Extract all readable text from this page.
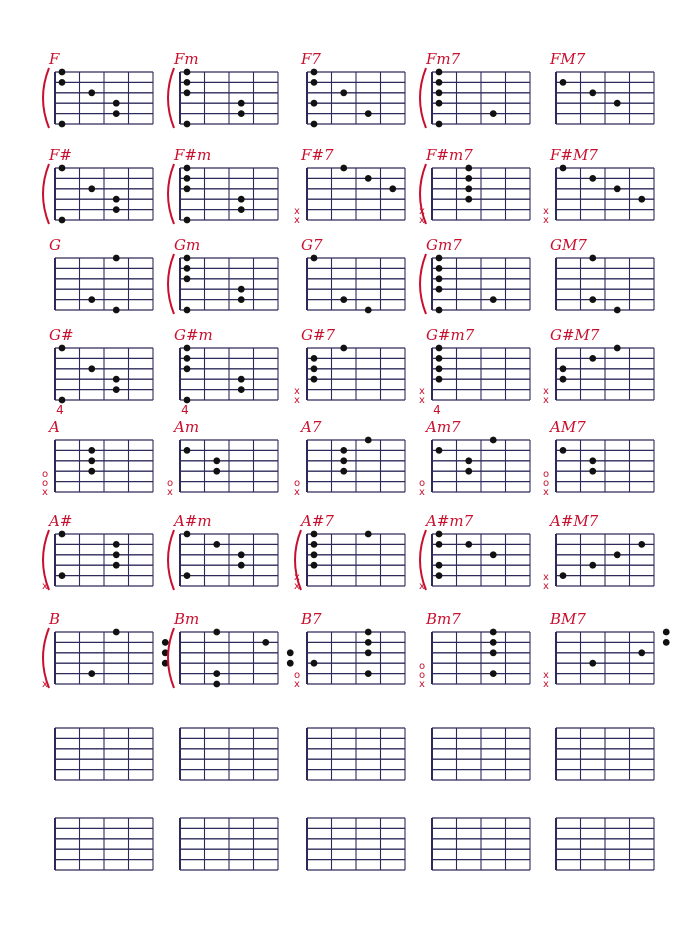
x
x
x
x
x
x
4	4
x
x
x
x
4
x
x
o
o
x
o
x
o
x
o
x
o
o
x
x
x
x	x
x
x
x
o
x
o
o
x
x
x
F	Fm	F7	Fm7	FM7
F#	F#m	F#7	F#m7	F#M7
G	Gm	G7	Gm7	GM7
G#	G#m	G#7	G#m7	G#M7
A	Am	A7	Am7	AM7
A#	A#m	A#7	A#m7	A#M7
B	Bm	B7	Bm7	BM7
